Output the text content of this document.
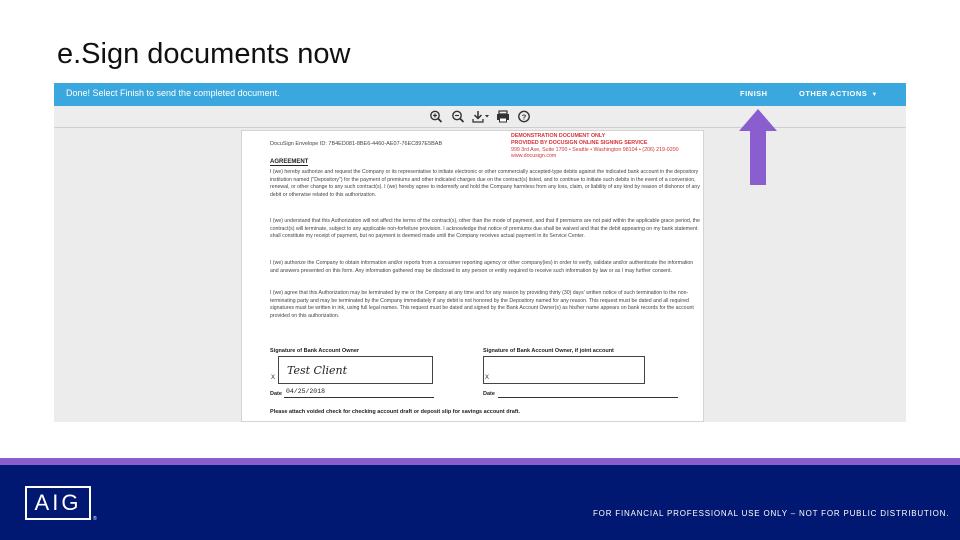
e.Sign documents now
Done! Select Finish to send the completed document.	FINISH	OTHER ACTIONS ▼
?
DocuSign Envelope ID: 7B4ED081-8BE6-4460-AE07-76EC897E5BAB
DEMONSTRATION DOCUMENT ONLY
PROVIDED BY DOCUSIGN ONLINE SIGNING SERVICE
999 3rd Ave, Suite 1700 • Seattle • Washington 98104 • (206) 219-0200
www.docusign.com
AGREEMENT
I (we) hereby authorize and request the Company or its representative to initiate electronic or other commercially accepted-type debits against the indicated bank account in the depository institution named ("Depository") for the payment of premiums and other indicated charges due on the contract(s) listed, and to continue to initiate such debits in the event of a conversion, renewal, or other change to any such contract(s). I (we) hereby agree to indemnify and hold the Company harmless from any loss, claim, or liability of any kind by reason of dishonor of any debit or otherwise related to this authorization.
I (we) understand that this Authorization will not affect the terms of the contract(s), other than the mode of payment, and that if premiums are not paid within the applicable grace period, the contract(s) will terminate, subject to any applicable non-forfeiture provision. I acknowledge that notice of premiums due shall be waived and that the debit appearing on my bank statement shall constitute my receipt of payment, but no payment is deemed made until the Company receives actual payment in its Service Center.
I (we) authorize the Company to obtain information and/or reports from a consumer reporting agency or other company(ies) in order to verify, validate and/or authenticate the information and answers presented on this form. Any information gathered may be disclosed to any person or entity required to receive such information by law or as I may further consent.
I (we) agree that this Authorization may be terminated by me or the Company at any time and for any reason by providing thirty (30) days' written notice of such termination to the non-terminating party and may be terminated by the Company immediately if any debit is not honored by the Depository named for any reason. This request must be dated and all required signatures must be written in ink, using full legal names. This request must be dated and signed by the Bank Account Owner(s) as his/her name appears on bank records for the account provided on this authorization.
Signature of Bank Account Owner
Test Client
X
Signature of Bank Account Owner, if joint account
X
Date 04/25/2018	Date
Please attach voided check for checking account draft or deposit slip for savings account draft.
AIG
®
FOR FINANCIAL PROFESSIONAL USE ONLY – NOT FOR PUBLIC DISTRIBUTION.
